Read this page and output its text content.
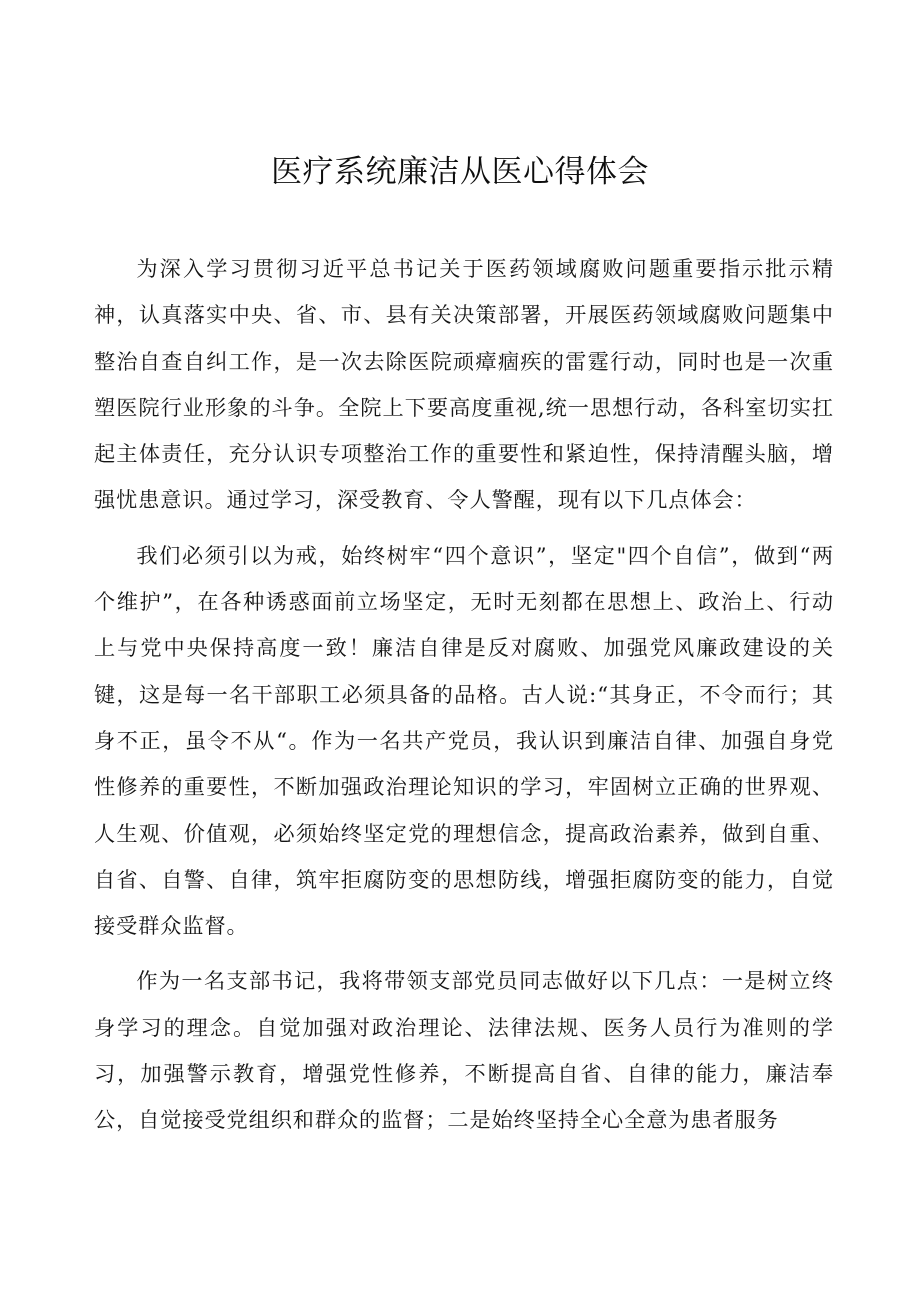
医疗系统廉洁从医心得体会

为深入学习贯彻习近平总书记关于医药领域腐败问题重要指示批示精神，认真落实中央、省、市、县有关决策部署，开展医药领域腐败问题集中整治自查自纠工作，是一次去除医院顽瘴痼疾的雷霆行动，同时也是一次重塑医院行业形象的斗争。全院上下要高度重视,统一思想行动，各科室切实扛起主体责任，充分认识专项整治工作的重要性和紧迫性，保持清醒头脑，增强忧患意识。通过学习，深受教育、令人警醒，现有以下几点体会：

我们必须引以为戒，始终树牢“四个意识”，坚定"四个自信”，做到“两个维护”，在各种诱惑面前立场坚定，无时无刻都在思想上、政治上、行动上与党中央保持高度一致！廉洁自律是反对腐败、加强党风廉政建设的关键，这是每一名干部职工必须具备的品格。古人说:“其身正，不令而行；其身不正，虽令不从“。作为一名共产党员，我认识到廉洁自律、加强自身党性修养的重要性，不断加强政治理论知识的学习，牢固树立正确的世界观、人生观、价值观，必须始终坚定党的理想信念，提高政治素养，做到自重、自省、自警、自律，筑牢拒腐防变的思想防线，增强拒腐防变的能力，自觉接受群众监督。

作为一名支部书记，我将带领支部党员同志做好以下几点：一是树立终身学习的理念。自觉加强对政治理论、法律法规、医务人员行为准则的学习，加强警示教育，增强党性修养，不断提高自省、自律的能力，廉洁奉公，自觉接受党组织和群众的监督；二是始终坚持全心全意为患者服务
